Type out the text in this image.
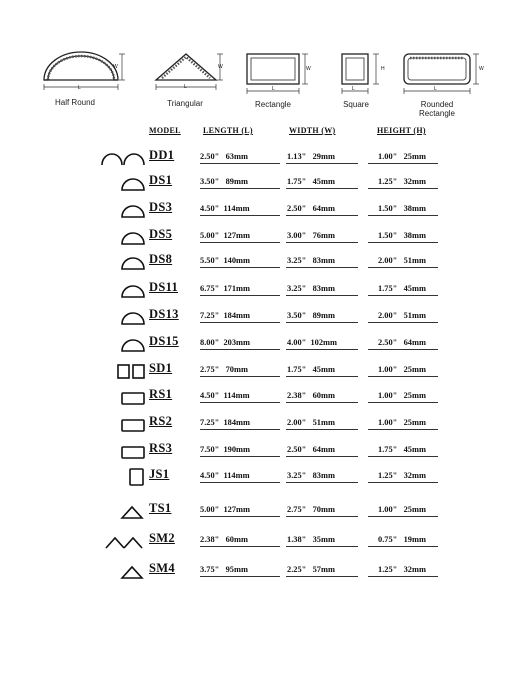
W
L
Half Round
W
L
Triangular
W
L
Rectangle
H
L
Square
W
L
Rounded
Rectangle
MODEL	LENGTH (L)	WIDTH (W)	HEIGHT (H)
DD1	2.50"   63mm	1.13"   29mm	1.00"   25mm
DS1	3.50"   89mm	1.75"   45mm	1.25"   32mm
DS3	4.50"  114mm	2.50"   64mm	1.50"   38mm
DS5	5.00"  127mm	3.00"   76mm	1.50"   38mm
DS8	5.50"  140mm	3.25"   83mm	2.00"   51mm
DS11	6.75"  171mm	3.25"   83mm	1.75"   45mm
DS13	7.25"  184mm	3.50"   89mm	2.00"   51mm
DS15	8.00"  203mm	4.00"  102mm	2.50"   64mm
SD1	2.75"   70mm	1.75"   45mm	1.00"   25mm
RS1	4.50"  114mm	2.38"   60mm	1.00"   25mm
RS2	7.25"  184mm	2.00"   51mm	1.00"   25mm
RS3	7.50"  190mm	2.50"   64mm	1.75"   45mm
JS1	4.50"  114mm	3.25"   83mm	1.25"   32mm
TS1	5.00"  127mm	2.75"   70mm	1.00"   25mm
SM2	2.38"   60mm	1.38"   35mm	0.75"   19mm
SM4	3.75"   95mm	2.25"   57mm	1.25"   32mm
